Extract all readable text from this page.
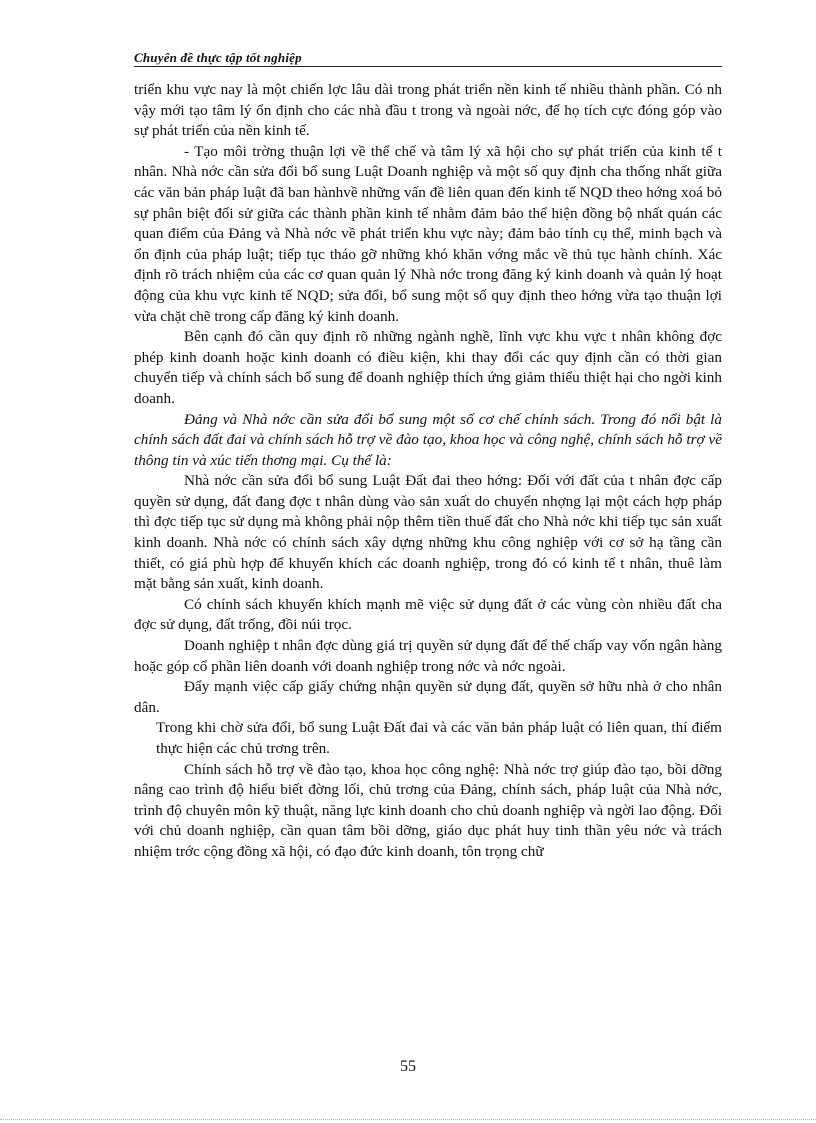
Chuyên đề thực tập tốt nghiệp

triển khu vực nay là một chiến lợc lâu dài trong phát triển nền kinh tế nhiều thành phần. Có nh vậy mới tạo tâm lý ổn định cho các nhà đầu t trong và ngoài nớc, để họ tích cực đóng góp vào sự phát triển của nền kinh tế.

- Tạo môi trờng thuận lợi về thể chế và tâm lý xã hội cho sự phát triển của kinh tế t nhân. Nhà nớc cần sửa đổi bổ sung Luật Doanh nghiệp và một số quy định cha thống nhất giữa các văn bản pháp luật đã ban hànhvề những vấn đề liên quan đến kinh tế NQD theo hớng xoá bỏ sự phân biệt đối sử giữa các thành phần kinh tế nhằm đảm bảo thể hiện đồng bộ nhất quán các quan điểm của Đảng và Nhà nớc về phát triển khu vực này; đảm bảo tính cụ thể, minh bạch và ổn định của pháp luật; tiếp tục tháo gỡ những khó khăn vớng mắc về thủ tục hành chính. Xác định rõ trách nhiệm của các cơ quan quản lý Nhà nớc trong đăng ký kinh doanh và quản lý hoạt động của khu vực kinh tế NQD; sửa đổi, bổ sung một số quy định theo hớng vừa tạo thuận lợi vừa chặt chẽ trong cấp đăng ký kinh doanh.

Bên cạnh đó cần quy định rõ những ngành nghề, lĩnh vực khu vực t nhân không đợc phép kinh doanh hoặc kinh doanh có điều kiện, khi thay đổi các quy định cần có thời gian chuyển tiếp và chính sách bổ sung để doanh nghiệp thích ứng giảm thiểu thiệt hại cho ngời kinh doanh.

Đảng và Nhà nớc cần sửa đổi bổ sung một số cơ chế chính sách. Trong đó nổi bật là chính sách đất đai và chính sách hỗ trợ về đào tạo, khoa học và công nghệ, chính sách hỗ trợ về thông tin và xúc tiến thơng mại. Cụ thể là:

Nhà nớc cần sửa đổi bổ sung Luật Đất đai theo hớng: Đối với đất của t nhân đợc cấp quyền sử dụng, đất đang đợc t nhân dùng vào sản xuất do chuyển nhợng lại một cách hợp pháp thì đợc tiếp tục sử dụng mà không phải nộp thêm tiền thuế đất cho Nhà nớc khi tiếp tục sản xuất kinh doanh. Nhà nớc có chính sách xây dựng những khu công nghiệp với cơ sở hạ tầng cần thiết, có giá phù hợp để khuyến khích các doanh nghiệp, trong đó có kinh tế t nhân, thuê làm mặt bằng sản xuất, kinh doanh.

Có chính sách khuyến khích mạnh mẽ việc sử dụng đất ở các vùng còn nhiều đất cha đợc sử dụng, đất trống, đồi núi trọc.

Doanh nghiệp t nhân đợc dùng giá trị quyền sử dụng đất để thế chấp vay vốn ngân hàng hoặc góp cổ phần liên doanh với doanh nghiệp trong nớc và nớc ngoài.

Đẩy mạnh việc cấp giấy chứng nhận quyền sử dụng đất, quyền sở hữu nhà ở cho nhân dân.

Trong khi chờ sửa đổi, bổ sung Luật Đất đai và các văn bản pháp luật có liên quan, thí điểm thực hiện các chủ trơng trên.

Chính sách hỗ trợ về đào tạo, khoa học công nghệ: Nhà nớc trợ giúp đào tạo, bồi dỡng nâng cao trình độ hiểu biết đờng lối, chủ trơng của Đảng, chính sách, pháp luật của Nhà nớc, trình độ chuyên môn kỹ thuật, năng lực kinh doanh cho chủ doanh nghiệp và ngời lao động. Đối với chủ doanh nghiệp, cần quan tâm bồi dỡng, giáo dục phát huy tinh thần yêu nớc và trách nhiệm trớc cộng đồng xã hội, có đạo đức kinh doanh, tôn trọng chữ

55
